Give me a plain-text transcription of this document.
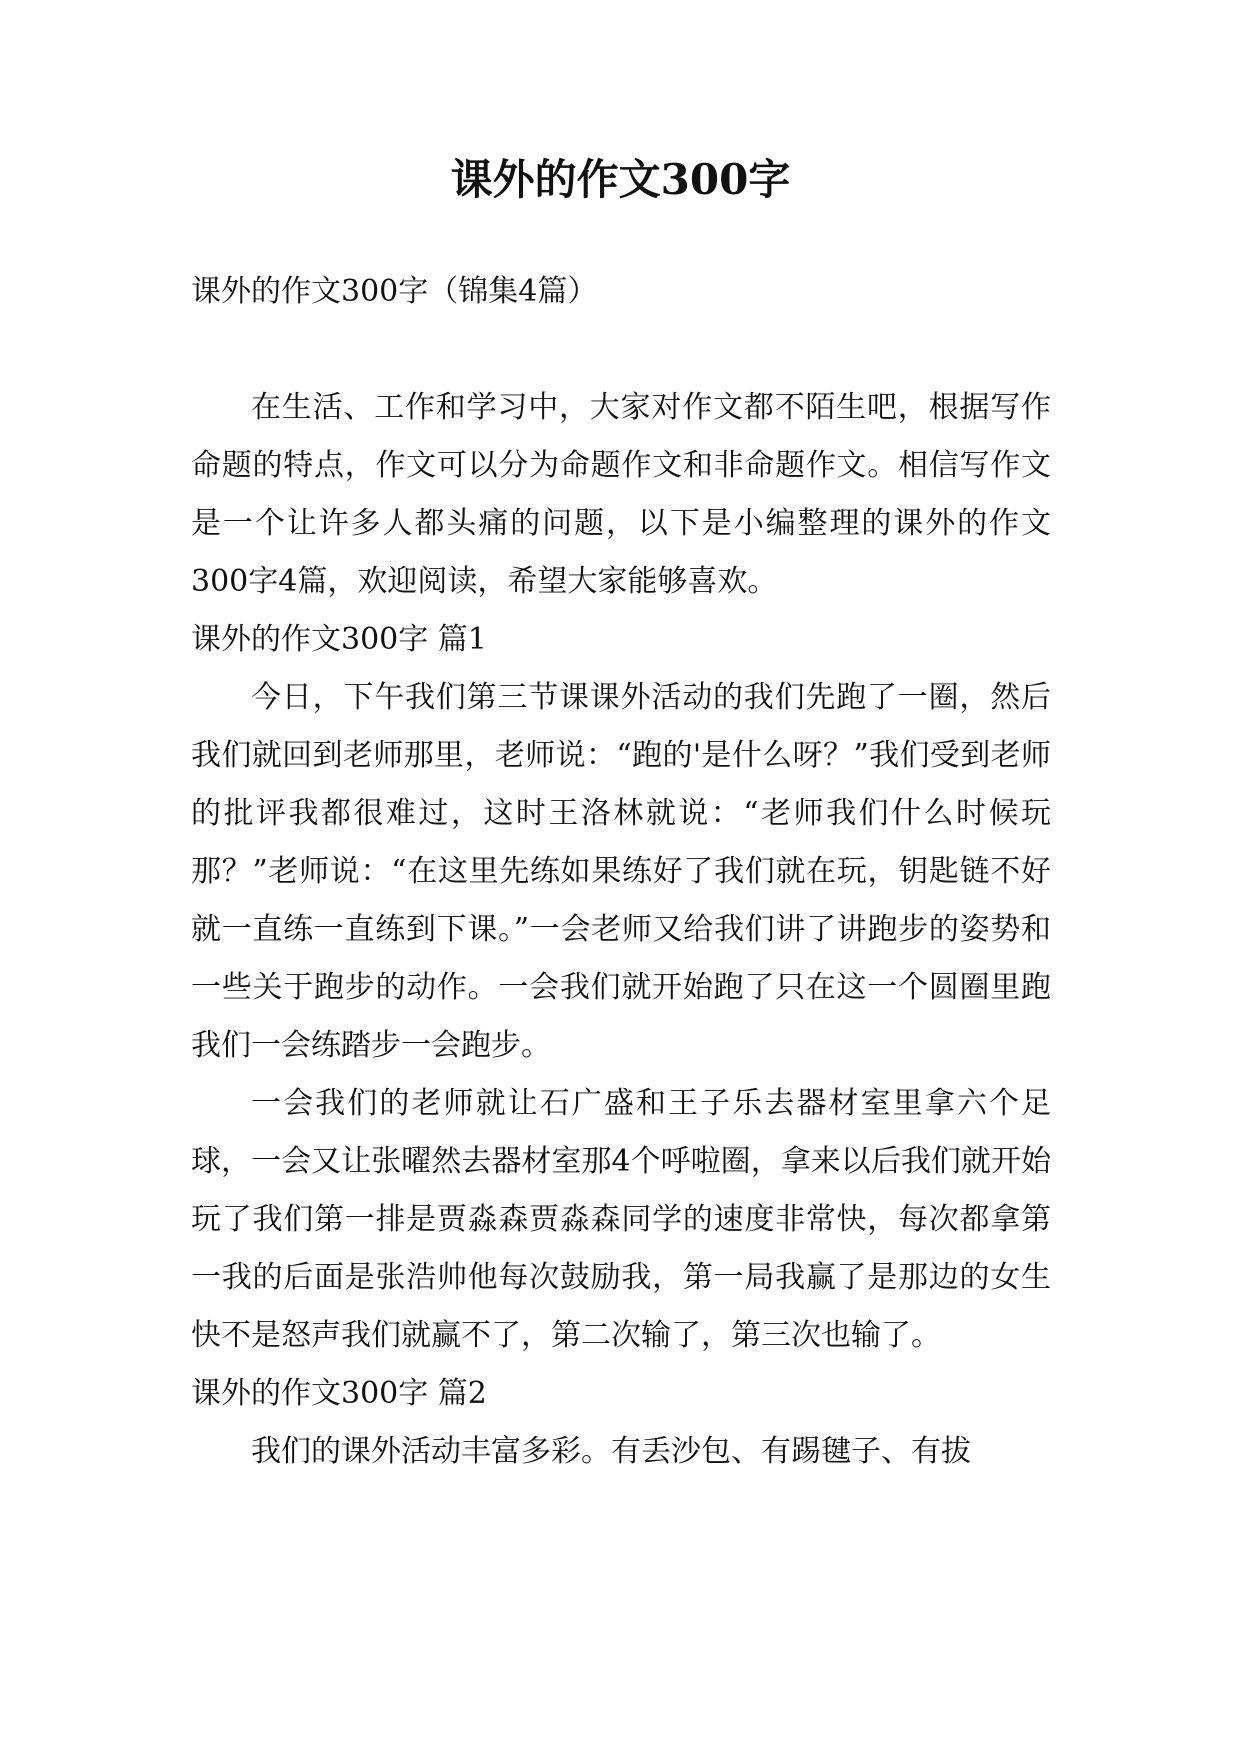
课外的作文300字

课外的作文300字（锦集4篇）

在生活、工作和学习中，大家对作文都不陌生吧，根据写作命题的特点，作文可以分为命题作文和非命题作文。相信写作文是一个让许多人都头痛的问题，以下是小编整理的课外的作文300字4篇，欢迎阅读，希望大家能够喜欢。

课外的作文300字 篇1

今日，下午我们第三节课课外活动的我们先跑了一圈，然后我们就回到老师那里，老师说：“跑的'是什么呀？”我们受到老师的批评我都很难过，这时王洛林就说：“老师我们什么时候玩那？”老师说：“在这里先练如果练好了我们就在玩，钥匙链不好就一直练一直练到下课。”一会老师又给我们讲了讲跑步的姿势和一些关于跑步的动作。一会我们就开始跑了只在这一个圆圈里跑我们一会练踏步一会跑步。

一会我们的老师就让石广盛和王子乐去器材室里拿六个足球，一会又让张曜然去器材室那4个呼啦圈，拿来以后我们就开始玩了我们第一排是贾淼森贾淼森同学的速度非常快，每次都拿第一我的后面是张浩帅他每次鼓励我，第一局我赢了是那边的女生快不是怒声我们就赢不了，第二次输了，第三次也输了。

课外的作文300字 篇2

我们的课外活动丰富多彩。有丢沙包、有踢毽子、有拔
